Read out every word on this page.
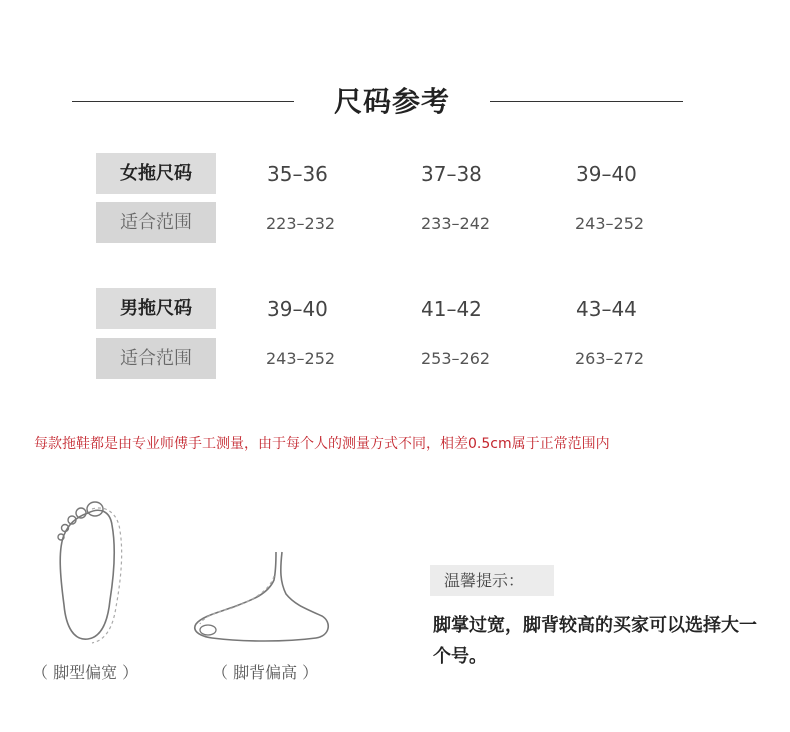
尺码参考
女拖尺码	35–36	37–38	39–40
适合范围	223–232	233–242	243–252
男拖尺码	39–40	41–42	43–44
适合范围	243–252	253–262	263–272
每款拖鞋都是由专业师傅手工测量，由于每个人的测量方式不同，相差0.5cm属于正常范围内
（ 脚型偏宽 ）	（ 脚背偏高 ）
温馨提示：
脚掌过宽，脚背较高的买家可以选择大一个号。
